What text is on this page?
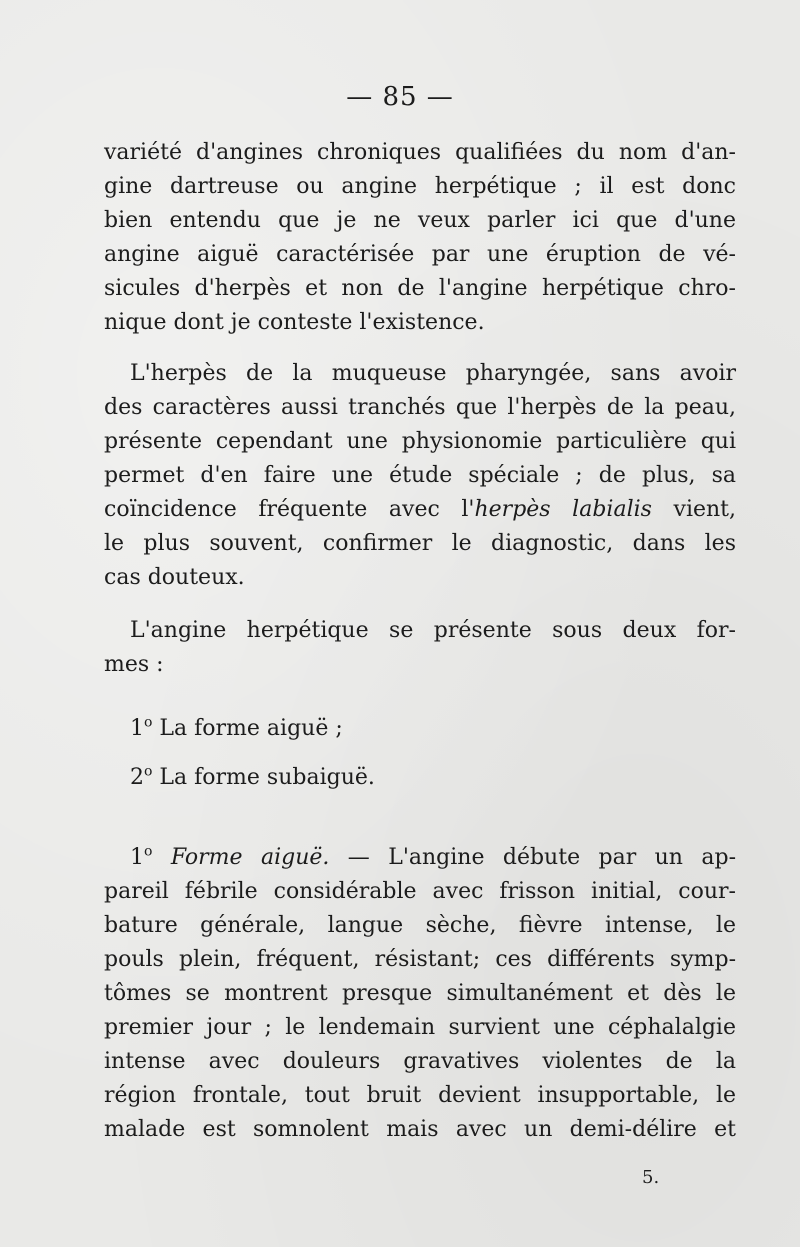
— 85 —
variété d'angines chroniques qualifiées du nom d'an-
gine dartreuse ou angine herpétique ; il est donc
bien entendu que je ne veux parler ici que d'une
angine aiguë caractérisée par une éruption de vé-
sicules d'herpès et non de l'angine herpétique chro-
nique dont je conteste l'existence.
L'herpès de la muqueuse pharyngée, sans avoir
des caractères aussi tranchés que l'herpès de la peau,
présente cependant une physionomie particulière qui
permet d'en faire une étude spéciale ; de plus, sa
coïncidence fréquente avec l'herpès labialis vient,
le plus souvent, confirmer le diagnostic, dans les
cas douteux.
L'angine herpétique se présente sous deux for-
mes :
1$^o$ La forme aiguë ;
2$^o$ La forme subaiguë.
1$^o$ Forme aiguë. — L'angine débute par un ap-
pareil fébrile considérable avec frisson initial, cour-
bature générale, langue sèche, fièvre intense, le
pouls plein, fréquent, résistant; ces différents symp-
tômes se montrent presque simultanément et dès le
premier jour ; le lendemain survient une céphalalgie
intense avec douleurs gravatives violentes de la
région frontale, tout bruit devient insupportable, le
malade est somnolent mais avec un demi-délire et
5.
